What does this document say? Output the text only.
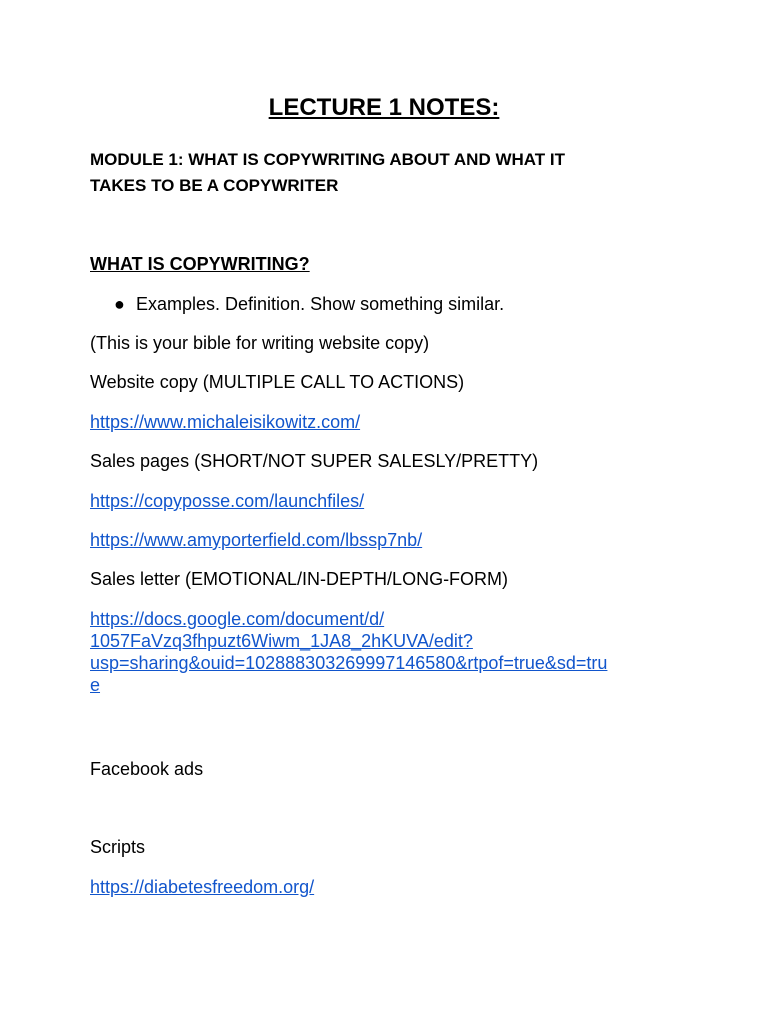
LECTURE 1 NOTES:
MODULE 1: WHAT IS COPYWRITING ABOUT AND WHAT IT
TAKES TO BE A COPYWRITER
WHAT IS COPYWRITING?
● Examples. Definition. Show something similar.

(This is your bible for writing website copy)

Website copy (MULTIPLE CALL TO ACTIONS)

https://www.michaleisikowitz.com/

Sales pages (SHORT/NOT SUPER SALESLY/PRETTY)

https://copyposse.com/launchfiles/

https://www.amyporterfield.com/lbssp7nb/

Sales letter (EMOTIONAL/IN-DEPTH/LONG-FORM)

https://docs.google.com/document/d/
1057FaVzq3fhpuzt6Wiwm_1JA8_2hKUVA/edit?
usp=sharing&ouid=102888303269997146580&rtpof=true&sd=tru
e

Facebook ads

Scripts

https://diabetesfreedom.org/
